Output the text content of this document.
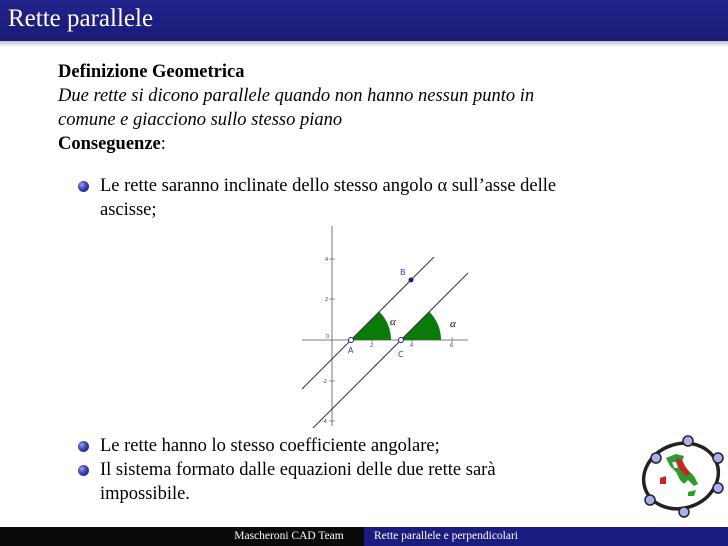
Rette parallele
Definizione Geometrica
Due rette si dicono parallele quando non hanno nessun punto in
comune e giacciono sullo stesso piano
Conseguenze:
Le rette saranno inclinate dello stesso angolo α sull’asse delle
ascisse;
4
2
0
-2
-4
2	4	6
A	C
B
α	α
Le rette hanno lo stesso coefficiente angolare;
Il sistema formato dalle equazioni delle due rette sarà
impossibile.
Mascheroni CAD Team	Rette parallele e perpendicolari
